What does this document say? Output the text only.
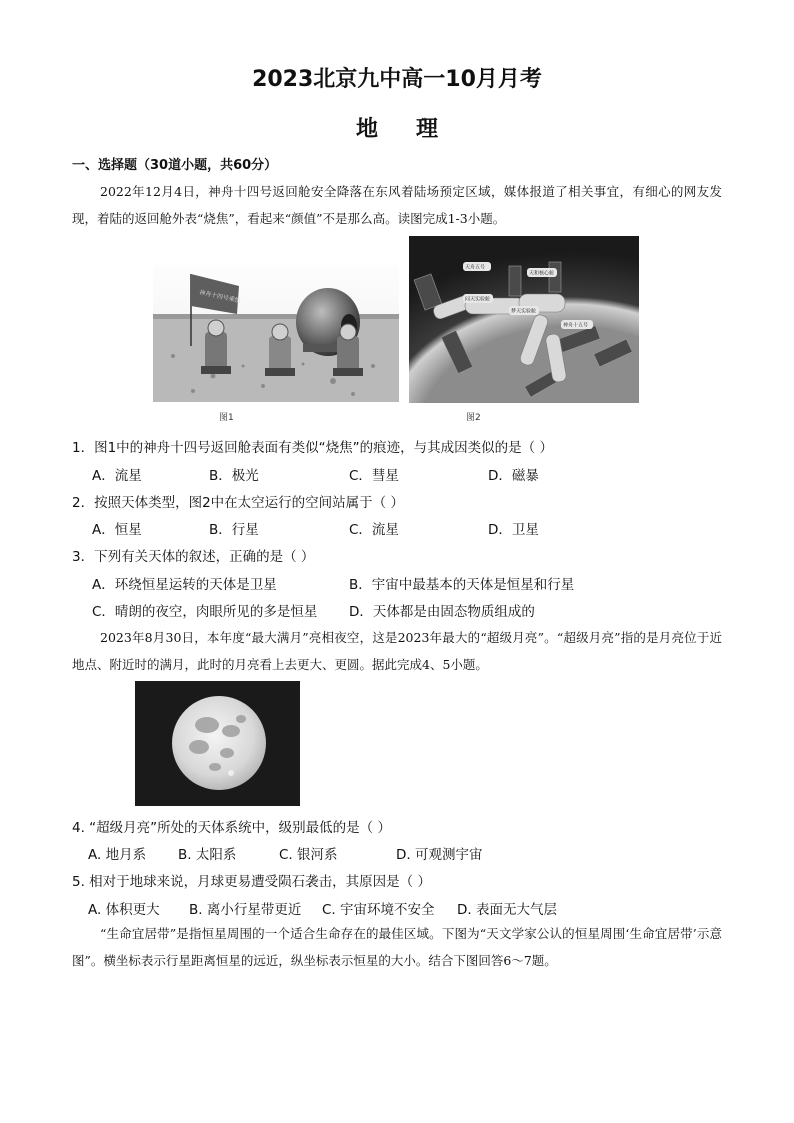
2023北京九中高一10月月考
地理
一、选择题（30道小题，共60分）
2022年12月4日，神舟十四号返回舱安全降落在东风着陆场预定区域，媒体报道了相关事宜，有细心的网友发现，着陆的返回舱外表“烧焦”，看起来“颜值”不是那么高。读图完成1-3小题。
神舟十四号乘组
图1
天舟五号
天和核心舱
问天实验舱
梦天实验舱
神舟十五号
图2
1．图1中的神舟十四号返回舱表面有类似“烧焦”的痕迹，与其成因类似的是（ ）
A．流星	B．极光	C．彗星	D．磁暴
2．按照天体类型，图2中在太空运行的空间站属于（ ）
A．恒星	B．行星	C．流星	D．卫星
3．下列有关天体的叙述，正确的是（ ）
A．环绕恒星运转的天体是卫星	B．宇宙中最基本的天体是恒星和行星
C．晴朗的夜空，肉眼所见的多是恒星 D．天体都是由固态物质组成的
2023年8月30日，本年度“最大满月”亮相夜空，这是2023年最大的“超级月亮”。“超级月亮”指的是月亮位于近地点、附近时的满月，此时的月亮看上去更大、更圆。据此完成4、5小题。
4. “超级月亮”所处的天体系统中，级别最低的是（ ）
A. 地月系 B. 太阳系	C. 银河系	D. 可观测宇宙
5. 相对于地球来说，月球更易遭受陨石袭击，其原因是（ ）
A. 体积更大 B. 离小行星带更近 C. 宇宙环境不安全 D. 表面无大气层
“生命宜居带”是指恒星周围的一个适合生命存在的最佳区域。下图为“天文学家公认的恒星周围‘生命宜居带’示意图”。横坐标表示行星距离恒星的远近，纵坐标表示恒星的大小。结合下图回答6～7题。
